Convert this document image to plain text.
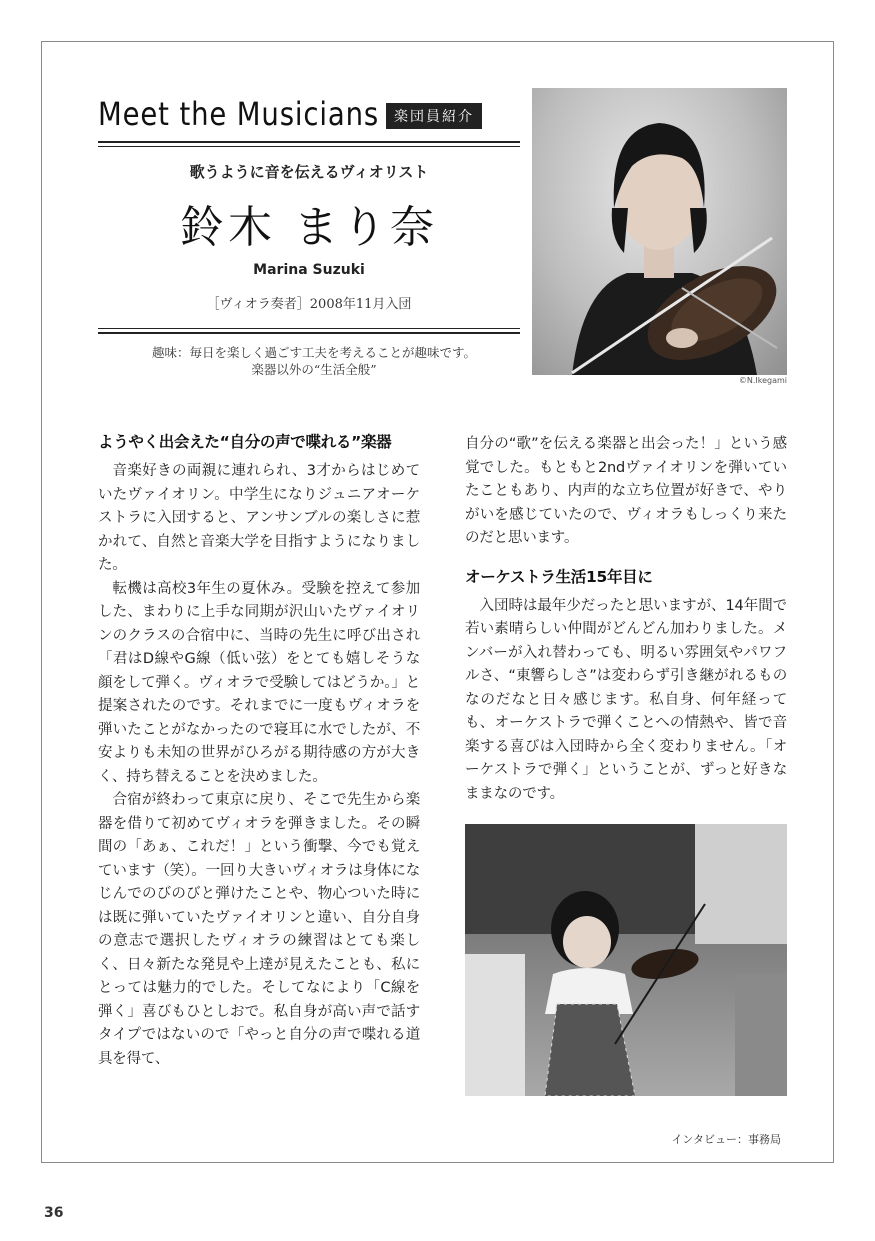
Meet the Musicians	楽団員紹介
歌うように音を伝えるヴィオリスト
鈴木 まり奈
Marina Suzuki
［ヴィオラ奏者］2008年11月入団
趣味：毎日を楽しく過ごす工夫を考えることが趣味です。
楽器以外の“生活全般”
©N.Ikegami
ようやく出会えた“自分の声で喋れる”楽器

音楽好きの両親に連れられ、3才からはじめていたヴァイオリン。中学生になりジュニアオーケストラに入団すると、アンサンブルの楽しさに惹かれて、自然と音楽大学を目指すようになりました。

転機は高校3年生の夏休み。受験を控えて参加した、まわりに上手な同期が沢山いたヴァイオリンのクラスの合宿中に、当時の先生に呼び出され「君はD線やG線（低い弦）をとても嬉しそうな顔をして弾く。ヴィオラで受験してはどうか。」と提案されたのです。それまでに一度もヴィオラを弾いたことがなかったので寝耳に水でしたが、不安よりも未知の世界がひろがる期待感の方が大きく、持ち替えることを決めました。

合宿が終わって東京に戻り、そこで先生から楽器を借りて初めてヴィオラを弾きました。その瞬間の「あぁ、これだ！」という衝撃、今でも覚えています（笑）。一回り大きいヴィオラは身体になじんでのびのびと弾けたことや、物心ついた時には既に弾いていたヴァイオリンと違い、自分自身の意志で選択したヴィオラの練習はとても楽しく、日々新たな発見や上達が見えたことも、私にとっては魅力的でした。そしてなにより「C線を弾く」喜びもひとしおで。私自身が高い声で話すタイプではないので「やっと自分の声で喋れる道具を得て、

自分の“歌”を伝える楽器と出会った！」という感覚でした。もともと2ndヴァイオリンを弾いていたこともあり、内声的な立ち位置が好きで、やりがいを感じていたので、ヴィオラもしっくり来たのだと思います。

オーケストラ生活15年目に

入団時は最年少だったと思いますが、14年間で若い素晴らしい仲間がどんどん加わりました。メンバーが入れ替わっても、明るい雰囲気やパワフルさ、“東響らしさ”は変わらず引き継がれるものなのだなと日々感じます。私自身、何年経っても、オーケストラで弾くことへの情熱や、皆で音楽する喜びは入団時から全く変わりません。「オーケストラで弾く」ということが、ずっと好きなままなのです。

インタビュー：事務局
36
